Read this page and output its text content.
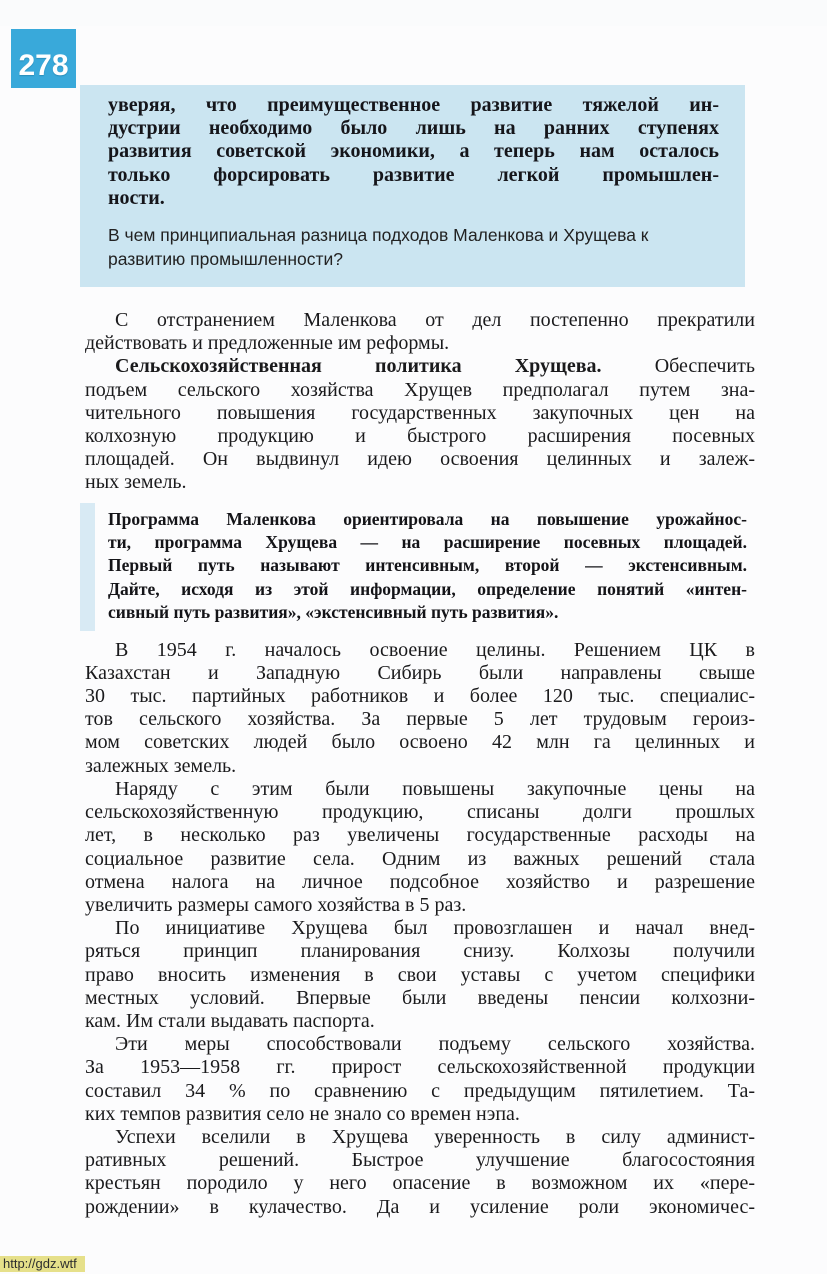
278
уверяя, что преимущественное развитие тяжелой ин-
дустрии необходимо было лишь на ранних ступенях
развития советской экономики, а теперь нам осталось
только форсировать развитие легкой промышлен-
ности.
В чем принципиальная разница подходов Маленкова и Хрущева к
развитию промышленности?
С отстранением Маленкова от дел постепенно прекратили
действовать и предложенные им реформы.
Сельскохозяйственная политика Хрущева. Обеспечить
подъем сельского хозяйства Хрущев предполагал путем зна-
чительного повышения государственных закупочных цен на
колхозную продукцию и быстрого расширения посевных
площадей. Он выдвинул идею освоения целинных и залеж-
ных земель.
Программа Маленкова ориентировала на повышение урожайнос-
ти, программа Хрущева — на расширение посевных площадей.
Первый путь называют интенсивным, второй — экстенсивным.
Дайте, исходя из этой информации, определение понятий «интен-
сивный путь развития», «экстенсивный путь развития».
В 1954 г. началось освоение целины. Решением ЦК в
Казахстан и Западную Сибирь были направлены свыше
30 тыс. партийных работников и более 120 тыс. специалис-
тов сельского хозяйства. За первые 5 лет трудовым героиз-
мом советских людей было освоено 42 млн га целинных и
залежных земель.
Наряду с этим были повышены закупочные цены на
сельскохозяйственную продукцию, списаны долги прошлых
лет, в несколько раз увеличены государственные расходы на
социальное развитие села. Одним из важных решений стала
отмена налога на личное подсобное хозяйство и разрешение
увеличить размеры самого хозяйства в 5 раз.
По инициативе Хрущева был провозглашен и начал внед-
ряться принцип планирования снизу. Колхозы получили
право вносить изменения в свои уставы с учетом специфики
местных условий. Впервые были введены пенсии колхозни-
кам. Им стали выдавать паспорта.
Эти меры способствовали подъему сельского хозяйства.
За 1953—1958 гг. прирост сельскохозяйственной продукции
составил 34 % по сравнению с предыдущим пятилетием. Та-
ких темпов развития село не знало со времен нэпа.
Успехи вселили в Хрущева уверенность в силу админист-
ративных решений. Быстрое улучшение благосостояния
крестьян породило у него опасение в возможном их «пере-
рождении» в кулачество. Да и усиление роли экономичес-
http://gdz.wtf
